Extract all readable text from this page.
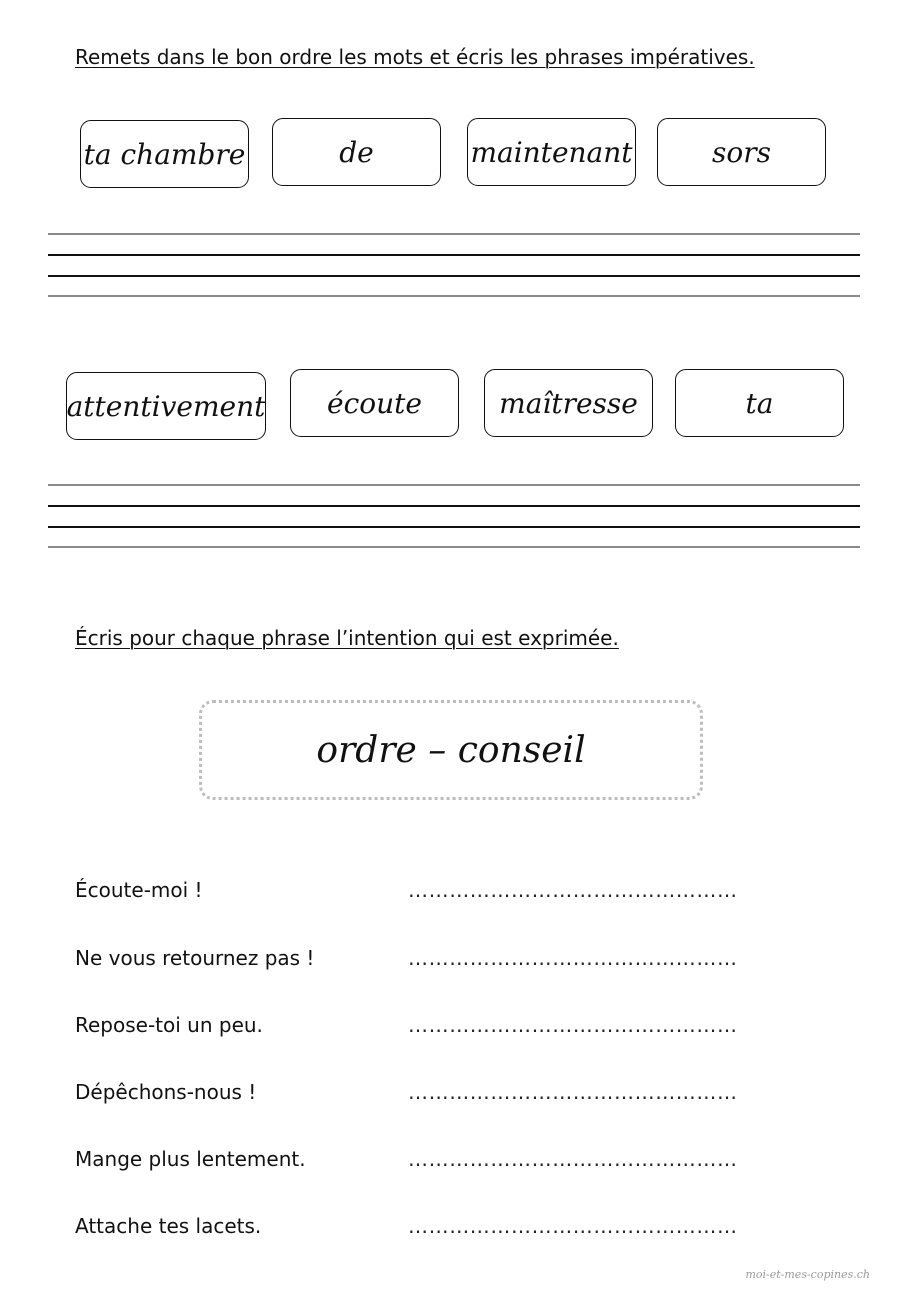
Remets dans le bon ordre les mots et écris les phrases impératives.
ta chambre	de	maintenant	sors
attentivement	écoute	maîtresse	ta
Écris pour chaque phrase l’intention qui est exprimée.
ordre – conseil
Écoute-moi !	…………………………………………
Ne vous retournez pas !	…………………………………………
Repose-toi un peu.	…………………………………………
Dépêchons-nous !	…………………………………………
Mange plus lentement.	…………………………………………
Attache tes lacets.	…………………………………………
moi-et-mes-copines.ch
